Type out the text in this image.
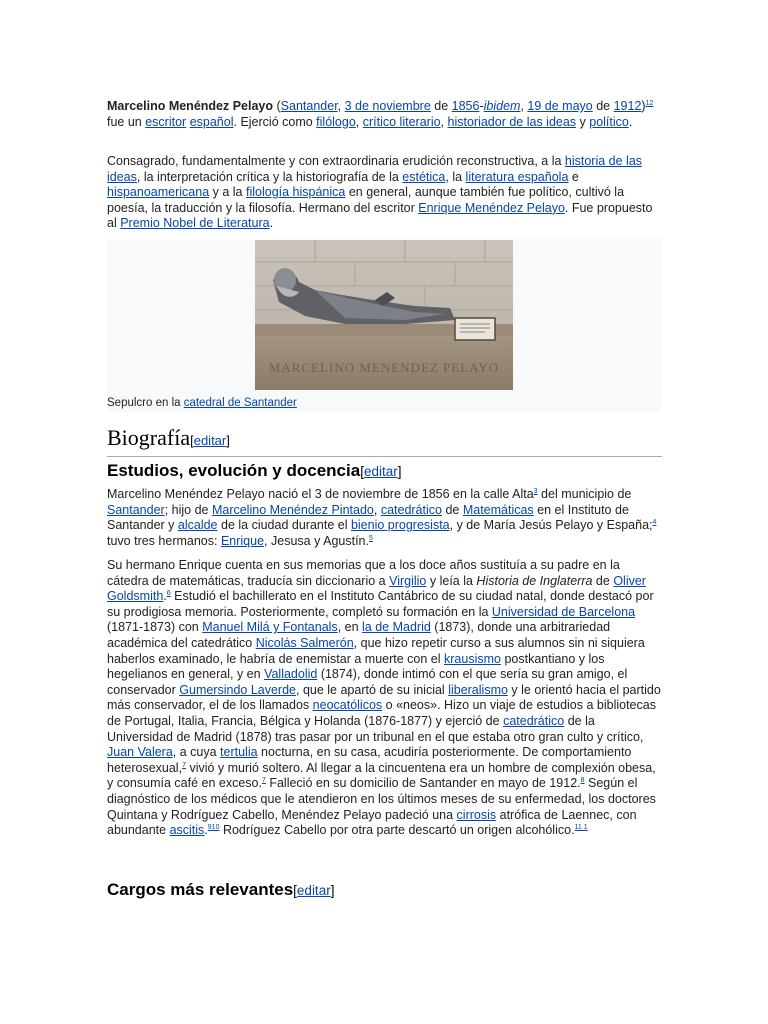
Marcelino Menéndez Pelayo (Santander, 3 de noviembre de 1856-ibidem, 19 de mayo de 1912)$^{12}$ fue un escritor español. Ejerció como filólogo, crítico literario, historiador de las ideas y político.

Consagrado, fundamentalmente y con extraordinaria erudición reconstructiva, a la historia de las ideas, la interpretación crítica y la historiografía de la estética, la literatura española e hispanoamericana y a la filología hispánica en general, aunque también fue político, cultivó la poesía, la traducción y la filosofía. Hermano del escritor Enrique Menéndez Pelayo. Fue propuesto al Premio Nobel de Literatura.

MARCELINO MENENDEZ PELAYO
Sepulcro en la catedral de Santander
Biografía[editar]
Estudios, evolución y docencia[editar]

Marcelino Menéndez Pelayo nació el 3 de noviembre de 1856 en la calle Alta$^3$ del municipio de Santander; hijo de Marcelino Menéndez Pintado, catedrático de Matemáticas en el Instituto de Santander y alcalde de la ciudad durante el bienio progresista, y de María Jesús Pelayo y España;$^4$ tuvo tres hermanos: Enrique, Jesusa y Agustín.$^5$

Su hermano Enrique cuenta en sus memorias que a los doce años sustituía a su padre en la cátedra de matemáticas, traducía sin diccionario a Virgilio y leía la Historia de Inglaterra de Oliver Goldsmith.$^6$ Estudió el bachillerato en el Instituto Cantábrico de su ciudad natal, donde destacó por su prodigiosa memoria. Posteriormente, completó su formación en la Universidad de Barcelona (1871-1873) con Manuel Milá y Fontanals, en la de Madrid (1873), donde una arbitrariedad académica del catedrático Nicolás Salmerón, que hizo repetir curso a sus alumnos sin ni siquiera haberlos examinado, le habría de enemistar a muerte con el krausismo postkantiano y los hegelianos en general, y en Valladolid (1874), donde intimó con el que sería su gran amigo, el conservador Gumersindo Laverde, que le apartó de su inicial liberalismo y le orientó hacia el partido más conservador, el de los llamados neocatólicos o «neos». Hizo un viaje de estudios a bibliotecas de Portugal, Italia, Francia, Bélgica y Holanda (1876-1877) y ejerció de catedrático de la Universidad de Madrid (1878) tras pasar por un tribunal en el que estaba otro gran culto y crítico, Juan Valera, a cuya tertulia nocturna, en su casa, acudiría posteriormente. De comportamiento heterosexual,$^7$ vivió y murió soltero. Al llegar a la cincuentena era un hombre de complexión obesa, y consumía café en exceso.$^7$ Falleció en su domicilio de Santander en mayo de 1912.$^8$ Según el diagnóstico de los médicos que le atendieron en los últimos meses de su enfermedad, los doctores Quintana y Rodríguez Cabello, Menéndez Pelayo padeció una cirrosis atrófica de Laennec, con abundante ascitis.$^{910}$ Rodríguez Cabello por otra parte descartó un origen alcohólico.$^{11​ 1}$

Cargos más relevantes[editar]
